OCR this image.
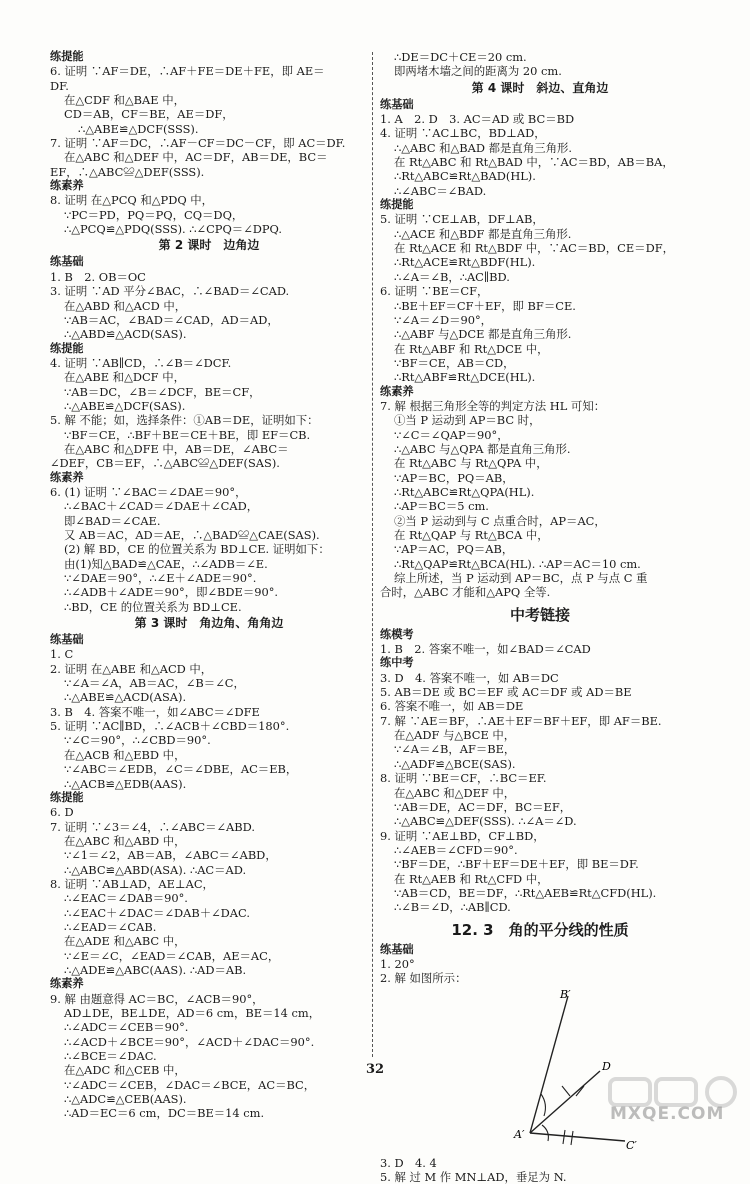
练提能
6. 证明 ∵AF＝DE，∴AF＋FE＝DE＋FE，即 AE＝
DF.
在△CDF 和△BAE 中，
CD＝AB，CF＝BE，AE＝DF，
∴△ABE≌△DCF(SSS).
7. 证明 ∵AF＝DC，∴AF－CF＝DC－CF，即 AC＝DF.
在△ABC 和△DEF 中，AC＝DF，AB＝DE，BC＝
EF，∴△ABC≌△DEF(SSS).
练素养
8. 证明 在△PCQ 和△PDQ 中，
∵PC＝PD，PQ＝PQ，CQ＝DQ，
∴△PCQ≌△PDQ(SSS). ∴∠CPQ＝∠DPQ.
第 2 课时　边角边
练基础
1. B　2. OB＝OC
3. 证明 ∵AD 平分∠BAC，∴∠BAD＝∠CAD.
在△ABD 和△ACD 中，
∵AB＝AC，∠BAD＝∠CAD，AD＝AD，
∴△ABD≌△ACD(SAS).
练提能
4. 证明 ∵AB∥CD，∴∠B＝∠DCF.
在△ABE 和△DCF 中，
∵AB＝DC，∠B＝∠DCF，BE＝CF，
∴△ABE≌△DCF(SAS).
5. 解 不能；如，选择条件：①AB＝DE，证明如下：
∵BF＝CE，∴BF＋BE＝CE＋BE，即 EF＝CB.
在△ABC 和△DFE 中，AB＝DE，∠ABC＝
∠DEF，CB＝EF，∴△ABC≌△DEF(SAS).
练素养
6. (1) 证明 ∵∠BAC＝∠DAE＝90°，
∴∠BAC＋∠CAD＝∠DAE＋∠CAD，
即∠BAD＝∠CAE.
又 AB＝AC，AD＝AE，∴△BAD≌△CAE(SAS).
(2) 解 BD，CE 的位置关系为 BD⊥CE. 证明如下：
由(1)知△BAD≌△CAE，∴∠ADB＝∠E.
∵∠DAE＝90°，∴∠E＋∠ADE＝90°.
∴∠ADB＋∠ADE＝90°，即∠BDE＝90°.
∴BD，CE 的位置关系为 BD⊥CE.
第 3 课时　角边角、角角边
练基础
1. C
2. 证明 在△ABE 和△ACD 中，
∵∠A＝∠A，AB＝AC，∠B＝∠C，
∴△ABE≌△ACD(ASA).
3. B　4. 答案不唯一，如∠ABC＝∠DFE
5. 证明 ∵AC∥BD，∴∠ACB＋∠CBD＝180°.
∵∠C＝90°，∴∠CBD＝90°.
在△ACB 和△EBD 中，
∵∠ABC＝∠EDB，∠C＝∠DBE，AC＝EB，
∴△ACB≌△EDB(AAS).
练提能
6. D
7. 证明 ∵∠3＝∠4，∴∠ABC＝∠ABD.
在△ABC 和△ABD 中，
∵∠1＝∠2，AB＝AB，∠ABC＝∠ABD，
∴△ABC≌△ABD(ASA). ∴AC＝AD.
8. 证明 ∵AB⊥AD，AE⊥AC，
∴∠EAC＝∠DAB＝90°.
∴∠EAC＋∠DAC＝∠DAB＋∠DAC.
∴∠EAD＝∠CAB.
在△ADE 和△ABC 中，
∵∠E＝∠C，∠EAD＝∠CAB，AE＝AC，
∴△ADE≌△ABC(AAS). ∴AD＝AB.
练素养
9. 解 由题意得 AC＝BC，∠ACB＝90°，
AD⊥DE，BE⊥DE，AD＝6 cm，BE＝14 cm，
∴∠ADC＝∠CEB＝90°.
∴∠ACD＋∠BCE＝90°，∠ACD＋∠DAC＝90°.
∴∠BCE＝∠DAC.
在△ADC 和△CEB 中，
∵∠ADC＝∠CEB，∠DAC＝∠BCE，AC＝BC，
∴△ADC≌△CEB(AAS).
∴AD＝EC＝6 cm，DC＝BE＝14 cm.
∴DE＝DC＋CE＝20 cm.
即两堵木墙之间的距离为 20 cm.
第 4 课时　斜边、直角边
练基础
1. A　2. D　3. AC＝AD 或 BC＝BD
4. 证明 ∵AC⊥BC，BD⊥AD，
∴△ABC 和△BAD 都是直角三角形.
在 Rt△ABC 和 Rt△BAD 中，∵AC＝BD，AB＝BA，
∴Rt△ABC≌Rt△BAD(HL).
∴∠ABC＝∠BAD.
练提能
5. 证明 ∵CE⊥AB，DF⊥AB，
∴△ACE 和△BDF 都是直角三角形.
在 Rt△ACE 和 Rt△BDF 中，∵AC＝BD，CE＝DF，
∴Rt△ACE≌Rt△BDF(HL).
∴∠A＝∠B，∴AC∥BD.
6. 证明 ∵BE＝CF，
∴BE＋EF＝CF＋EF，即 BF＝CE.
∵∠A＝∠D＝90°，
∴△ABF 与△DCE 都是直角三角形.
在 Rt△ABF 和 Rt△DCE 中，
∵BF＝CE，AB＝CD，
∴Rt△ABF≌Rt△DCE(HL).
练素养
7. 解 根据三角形全等的判定方法 HL 可知：
①当 P 运动到 AP＝BC 时，
∵∠C＝∠QAP＝90°，
∴△ABC 与△QPA 都是直角三角形.
在 Rt△ABC 与 Rt△QPA 中，
∵AP＝BC，PQ＝AB，
∴Rt△ABC≌Rt△QPA(HL).
∴AP＝BC＝5 cm.
②当 P 运动到与 C 点重合时，AP＝AC，
在 Rt△QAP 与 Rt△BCA 中，
∵AP＝AC，PQ＝AB，
∴Rt△QAP≌Rt△BCA(HL). ∴AP＝AC＝10 cm.
综上所述，当 P 运动到 AP＝BC，点 P 与点 C 重
合时，△ABC 才能和△APQ 全等.
中考链接
练模考
1. B　2. 答案不唯一，如∠BAD＝∠CAD
练中考
3. D　4. 答案不唯一，如 AB＝DC
5. AB＝DE 或 BC＝EF 或 AC＝DF 或 AD＝BE
6. 答案不唯一，如 AB＝DE
7. 解 ∵AE＝BF，∴AE＋EF＝BF＋EF，即 AF＝BE.
在△ADF 与△BCE 中，
∵∠A＝∠B，AF＝BE，
∴△ADF≌△BCE(SAS).
8. 证明 ∵BE＝CF，∴BC＝EF.
在△ABC 和△DEF 中，
∵AB＝DE，AC＝DF，BC＝EF，
∴△ABC≌△DEF(SSS). ∴∠A＝∠D.
9. 证明 ∵AE⊥BD，CF⊥BD，
∴∠AEB＝∠CFD＝90°.
∵BF＝DE，∴BF＋EF＝DE＋EF，即 BE＝DF.
在 Rt△AEB 和 Rt△CFD 中，
∵AB＝CD，BE＝DF，∴Rt△AEB≌Rt△CFD(HL).
∴∠B＝∠D，∴AB∥CD.
12. 3　角的平分线的性质
练基础
1. 20°
2. 解 如图所示：
B′
D
A′
C′
3. D　4. 4
5. 解 过 M 作 MN⊥AD，垂足为 N.
32
MXQE.COM
